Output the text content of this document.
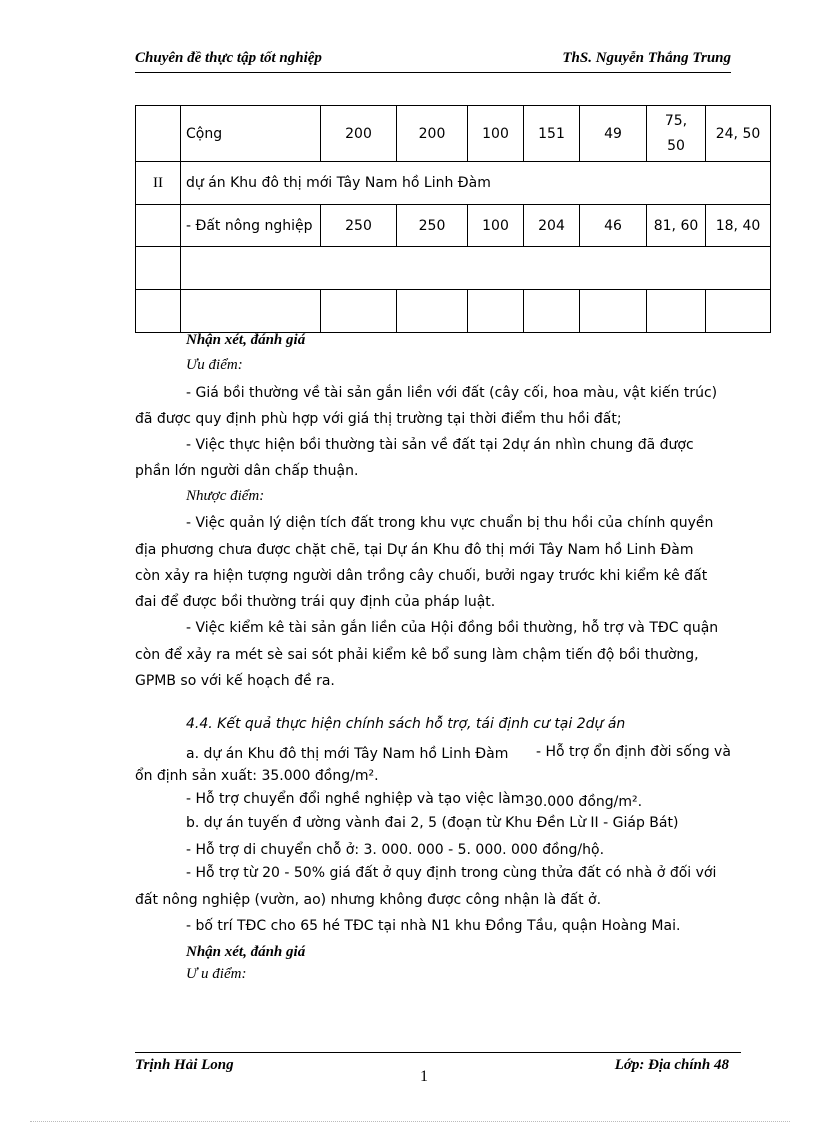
Chuyên đề thực tập tốt nghiệp	ThS. Nguyễn Thắng Trung
	Cộng	200	200	100	151	49	75, 50	24, 50
II	dự án Khu đô thị mới Tây Nam hồ Linh Đàm							
	- Đất nông nghiệp	250	250	100	204	46	81, 60	18, 40

Nhận xét, đánh giá
Ưu điểm:
- Giá bồi thường về tài sản gắn liền với đất (cây cối, hoa màu, vật kiến trúc)
đã được quy định phù hợp với giá thị trường tại thời điểm thu hồi đất;
- Việc thực hiện bồi thường tài sản về đất tại 2dự án nhìn chung đã được
phần lớn người dân chấp thuận.
Nhược điểm:
- Việc quản lý diện tích đất trong khu vực chuẩn bị thu hồi của chính quyền
địa phương chưa được chặt chẽ, tại Dự án Khu đô thị mới Tây Nam hồ Linh Đàm
còn xảy ra hiện tượng người dân trồng cây chuối, bưởi ngay trước khi kiểm kê đất
đai để được bồi thường trái quy định của pháp luật.
- Việc kiểm kê tài sản gắn liền của Hội đồng bồi thường, hỗ trợ và TĐC quận
còn để xảy ra mét sè sai sót phải kiểm kê bổ sung làm chậm tiến độ bồi thường,
GPMB so với kế hoạch đề ra.
4.4. Kết quả thực hiện chính sách hỗ trợ, tái định cư tại 2dự án
a. dự án Khu đô thị mới Tây Nam hồ Linh Đàm - Hỗ trợ ổn định đời sống và
ổn định sản xuất: 35.000 đồng/m².
- Hỗ trợ chuyển đổi nghề nghiệp và tạo việc làm:
30.000 đồng/m².
b. dự án tuyến đ ường vành đai 2, 5 (đoạn từ Khu Đền Lừ II - Giáp Bát)
- Hỗ trợ di chuyển chỗ ở: 3. 000. 000 - 5. 000. 000 đồng/hộ.
- Hỗ trợ từ 20 - 50% giá đất ở quy định trong cùng thửa đất có nhà ở đối với
đất nông nghiệp (vườn, ao) nhưng không được công nhận là đất ở.
- bố trí TĐC cho 65 hé TĐC tại nhà N1 khu Đồng Tầu, quận Hoàng Mai.
Nhận xét, đánh giá
Ư u điểm:
Trịnh Hải Long	Lớp: Địa chính 48
1
